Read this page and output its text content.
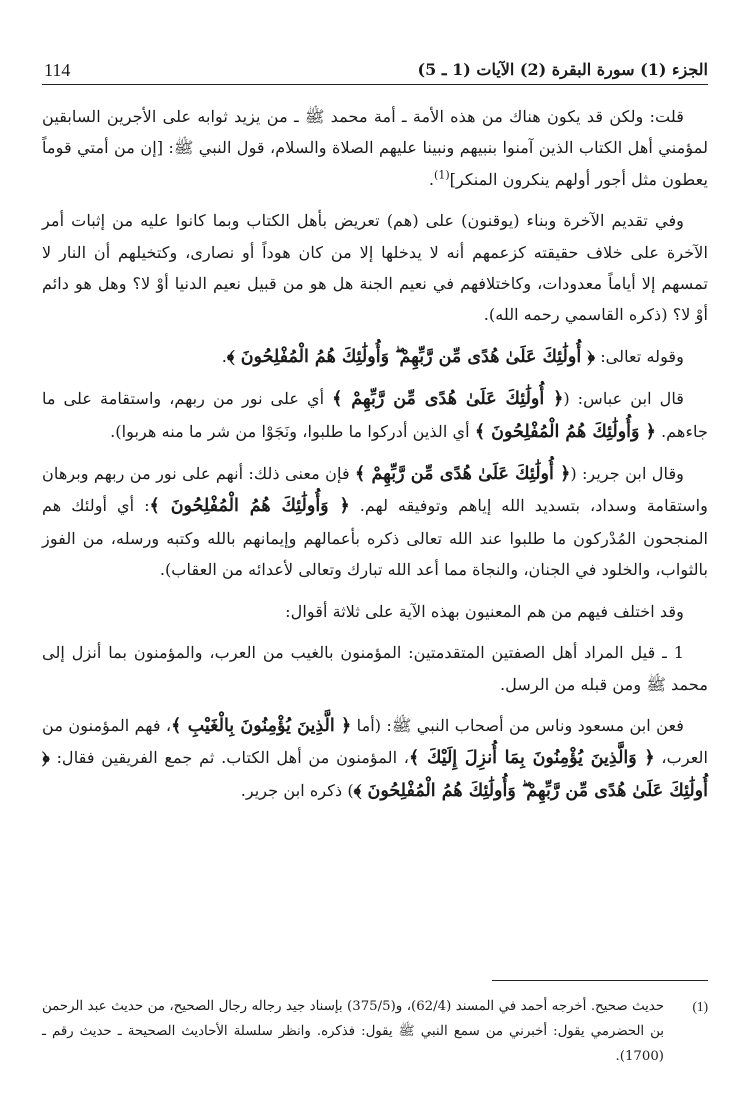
الجزء (1) سورة البقرة (2) الآيات (1 ـ 5)
114

قلت: ولكن قد يكون هناك من هذه الأمة ـ أمة محمد ﷺ ـ من يزيد ثوابه على الأجرين السابقين لمؤمني أهل الكتاب الذين آمنوا بنبيهم ونبينا عليهم الصلاة والسلام، قول النبي ﷺ: [إن من أمتي قوماً يعطون مثل أجور أولهم ينكرون المنكر]$^{(1)}$.

وفي تقديم الآخرة وبناء (يوقنون) على (هم) تعريض بأهل الكتاب وبما كانوا عليه من إثبات أمر الآخرة على خلاف حقيقته كزعمهم أنه لا يدخلها إلا من كان هوداً أو نصارى، وكتخيلهم أن النار لا تمسهم إلا أياماً معدودات، وكاختلافهم في نعيم الجنة هل هو من قبيل نعيم الدنيا أوْ لا؟ وهل هو دائم أوْ لا؟ (ذكره القاسمي رحمه الله).

وقوله تعالى: ﴿ أُولَٰئِكَ عَلَىٰ هُدًى مِّن رَّبِّهِمْ ۖ وَأُولَٰئِكَ هُمُ الْمُفْلِحُونَ ﴾.

قال ابن عباس: (﴿ أُولَٰئِكَ عَلَىٰ هُدًى مِّن رَّبِّهِمْ ﴾ أي على نور من ربهم، واستقامة على ما جاءهم. ﴿ وَأُولَٰئِكَ هُمُ الْمُفْلِحُونَ ﴾ أي الذين أدركوا ما طلبوا، ونَجَوْا من شر ما منه هربوا).

وقال ابن جرير: (﴿ أُولَٰئِكَ عَلَىٰ هُدًى مِّن رَّبِّهِمْ ﴾ فإن معنى ذلك: أنهم على نور من ربهم وبرهان واستقامة وسداد، بتسديد الله إياهم وتوفيقه لهم. ﴿ وَأُولَٰئِكَ هُمُ الْمُفْلِحُونَ ﴾: أي أولئك هم المنجحون المُدْركون ما طلبوا عند الله تعالى ذكره بأعمالهم وإيمانهم بالله وكتبه ورسله، من الفوز بالثواب، والخلود في الجنان، والنجاة مما أعد الله تبارك وتعالى لأعدائه من العقاب).

وقد اختلف فيهم من هم المعنيون بهذه الآية على ثلاثة أقوال:

1 ـ قيل المراد أهل الصفتين المتقدمتين: المؤمنون بالغيب من العرب، والمؤمنون بما أنزل إلى محمد ﷺ ومن قبله من الرسل.

فعن ابن مسعود وناس من أصحاب النبي ﷺ: (أما ﴿ الَّذِينَ يُؤْمِنُونَ بِالْغَيْبِ ﴾، فهم المؤمنون من العرب، ﴿ وَالَّذِينَ يُؤْمِنُونَ بِمَا أُنزِلَ إِلَيْكَ ﴾، المؤمنون من أهل الكتاب. ثم جمع الفريقين فقال: ﴿ أُولَٰئِكَ عَلَىٰ هُدًى مِّن رَّبِّهِمْ ۖ وَأُولَٰئِكَ هُمُ الْمُفْلِحُونَ ﴾) ذكره ابن جرير.

(1)
حديث صحيح. أخرجه أحمد في المسند (62/4)، و(375/5) بإسناد جيد رجاله رجال الصحيح، من حديث عبد الرحمن بن الحضرمي يقول: أخبرني من سمع النبي ﷺ يقول: فذكره. وانظر سلسلة الأحاديث الصحيحة ـ حديث رقم ـ (1700).
